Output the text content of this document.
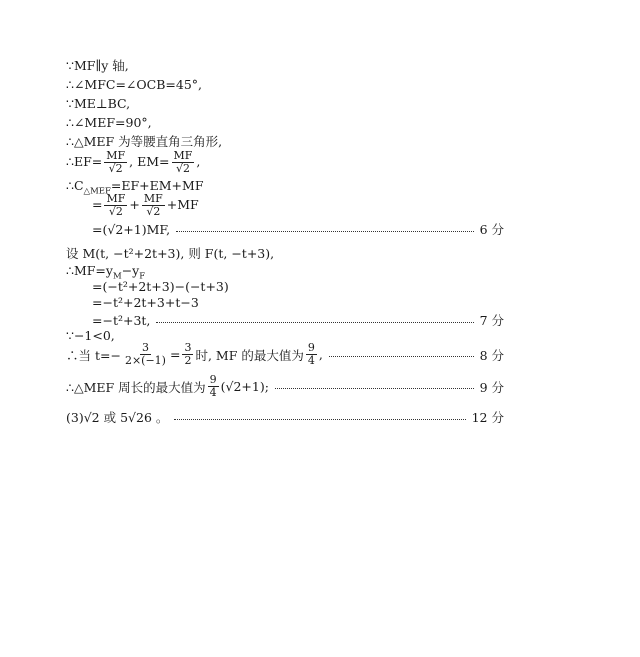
∵MF∥y 轴,
∴∠MFC=∠OCB=45°,
∵ME⊥BC,
∴∠MEF=90°,
∴△MEF 为等腰直角三角形,
∴EF= $\frac{MF}{√2}$ , $EM= \frac{MF}{√2}$ ,
$\therefore C_{\triangle MEF}=EF+EM+MF$
= $\frac{MF}{√2} + \frac{MF}{√2} +MF$
=(√2+1)MF,	6 分
设 M(t, −t²+2t+3), 则 F(t, −t+3),
$\therefore MF=y_M-y_F$
=(−t²+2t+3)−(−t+3)
=−t²+2t+3+t−3
=−t²+3t,	7 分
∵−1<0,
∴当 $t=- \frac{3}{2\times(-1)} = \frac{3}{2}$ 时, MF 的最大值为 $\frac{9}{4}$ ,	8 分
∴△MEF 周长的最大值为 $\frac{9}{4} (√2+1)$;	9 分
(3)√2 或 5√26 。	12 分
